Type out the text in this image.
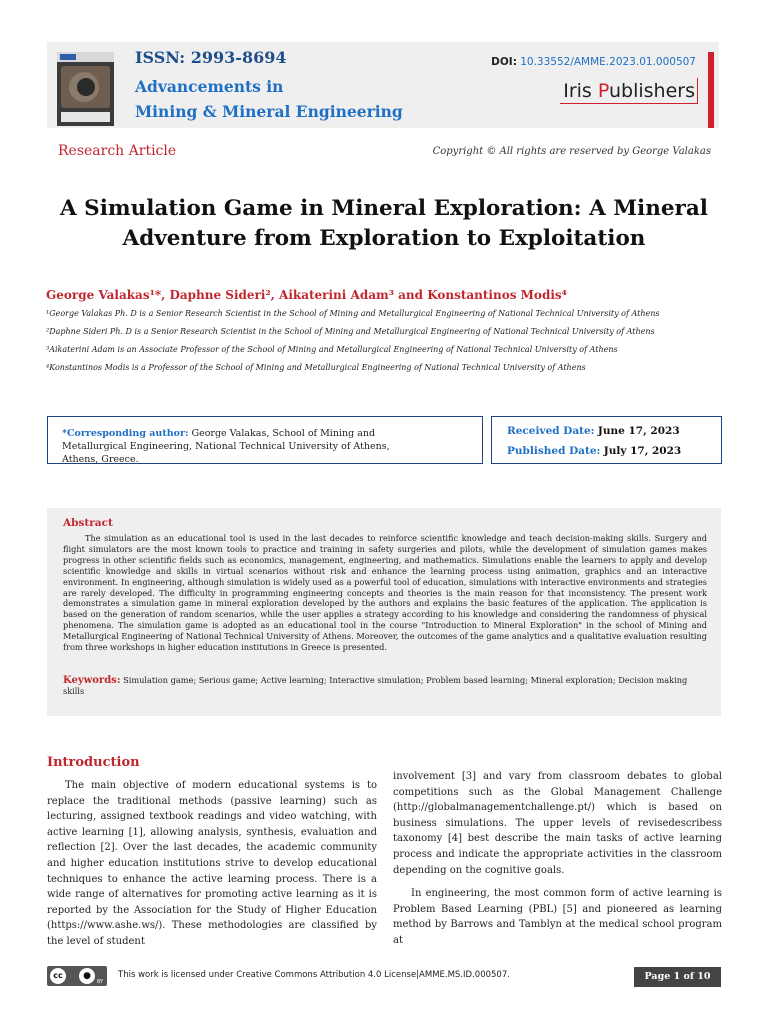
ISSN: 2993-8694
Advancements in
Mining & Mineral Engineering
DOI: 10.33552/AMME.2023.01.000507
Iris Publishers
Research Article	Copyright © All rights are reserved by George Valakas
A Simulation Game in Mineral Exploration: A Mineral
Adventure from Exploration to Exploitation
George Valakas¹*, Daphne Sideri², Aikaterini Adam³ and Konstantinos Modis⁴
¹George Valakas Ph. D is a Senior Research Scientist in the School of Mining and Metallurgical Engineering of National Technical University of Athens
²Daphne Sideri Ph. D is a Senior Research Scientist in the School of Mining and Metallurgical Engineering of National Technical University of Athens
³Aikaterini Adam is an Associate Professor of the School of Mining and Metallurgical Engineering of National Technical University of Athens
⁴Konstantinos Modis is a Professor of the School of Mining and Metallurgical Engineering of National Technical University of Athens

*Corresponding author: George Valakas, School of Mining and Metallurgical Engineering, National Technical University of Athens, Athens, Greece.

Received Date: June 17, 2023
Published Date: July 17, 2023
Abstract
The simulation as an educational tool is used in the last decades to reinforce scientific knowledge and teach decision-making skills. Surgery and flight simulators are the most known tools to practice and training in safety surgeries and pilots, while the development of simulation games makes progress in other scientific fields such as economics, management, engineering, and mathematics. Simulations enable the learners to apply and develop scientific knowledge and skills in virtual scenarios without risk and enhance the learning process using animation, graphics and an interactive environment. In engineering, although simulation is widely used as a powerful tool of education, simulations with interactive environments and strategies are rarely developed. The difficulty in programming engineering concepts and theories is the main reason for that inconsistency. The present work demonstrates a simulation game in mineral exploration developed by the authors and explains the basic features of the application. The application is based on the generation of random scenarios, while the user applies a strategy according to his knowledge and considering the randomness of physical phenomena. The simulation game is adopted as an educational tool in the course "Introduction to Mineral Exploration" in the school of Mining and Metallurgical Engineering of National Technical University of Athens. Moreover, the outcomes of the game analytics and a qualitative evaluation resulting from three workshops in higher education institutions in Greece is presented.
Keywords: Simulation game; Serious game; Active learning; Interactive simulation; Problem based learning; Mineral exploration; Decision making skills
Introduction

The main objective of modern educational systems is to replace the traditional methods (passive learning) such as lecturing, assigned textbook readings and video watching, with active learning [1], allowing analysis, synthesis, evaluation and reflection [2]. Over the last decades, the academic community and higher education institutions strive to develop educational techniques to enhance the active learning process. There is a wide range of alternatives for promoting active learning as it is reported by the Association for the Study of Higher Education (https://www.ashe.ws/). These methodologies are classified by the level of student

involvement [3] and vary from classroom debates to global competitions such as the Global Management Challenge (http://globalmanagementchallenge.pt/) which is based on business simulations. The upper levels of revisedescribess taxonomy [4] best describe the main tasks of active learning process and indicate the appropriate activities in the classroom depending on the cognitive goals.

In engineering, the most common form of active learning is Problem Based Learning (PBL) [5] and pioneered as learning method by Barrows and Tamblyn at the medical school program at

cc	●
BY
This work is licensed under Creative Commons Attribution 4.0 License|AMME.MS.ID.000507.	Page 1 of 10
